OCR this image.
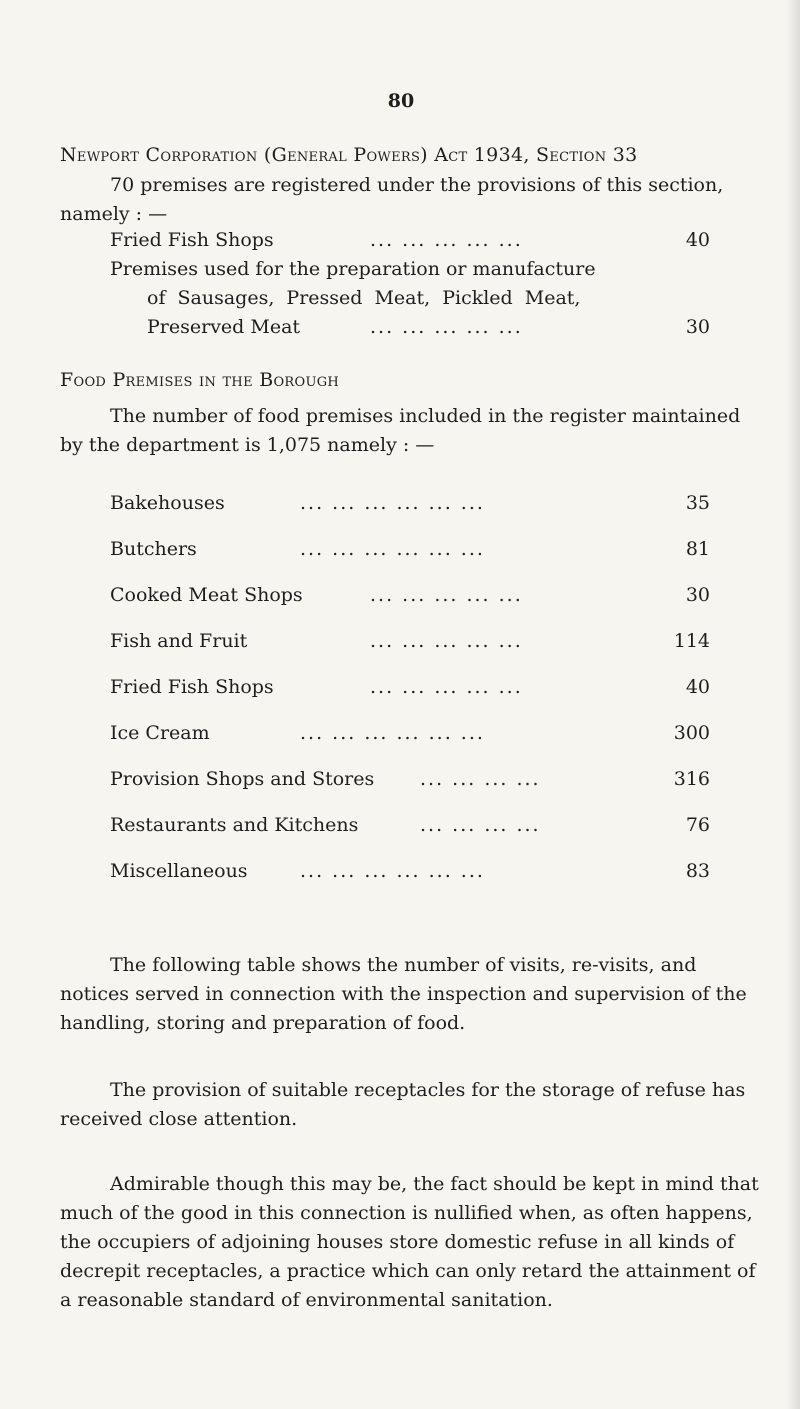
80
Newport Corporation (General Powers) Act 1934, Section 33
70 premises are registered under the provisions of this section, namely : —
Fried Fish Shops	... ... ... ... ...	40
Premises used for the preparation or manufacture
of Sausages, Pressed Meat, Pickled Meat,
Preserved Meat	... ... ... ... ...	30
Food Premises in the Borough
The number of food premises included in the register maintained by the department is 1,075 namely : —
Bakehouses	... ... ... ... ... ...	35
Butchers	... ... ... ... ... ...	81
Cooked Meat Shops	... ... ... ... ...	30
Fish and Fruit	... ... ... ... ...	114
Fried Fish Shops	... ... ... ... ...	40
Ice Cream	... ... ... ... ... ...	300
Provision Shops and Stores ... ... ... ...	316
Restaurants and Kitchens	... ... ... ...	76
Miscellaneous	... ... ... ... ... ...	83
The following table shows the number of visits, re-visits, and notices served in connection with the inspection and supervision of the handling, storing and preparation of food.
The provision of suitable receptacles for the storage of refuse has received close attention.
Admirable though this may be, the fact should be kept in mind that much of the good in this connection is nullified when, as often happens, the occupiers of adjoining houses store domestic refuse in all kinds of decrepit receptacles, a practice which can only retard the attainment of a reasonable standard of environmental sanitation.
